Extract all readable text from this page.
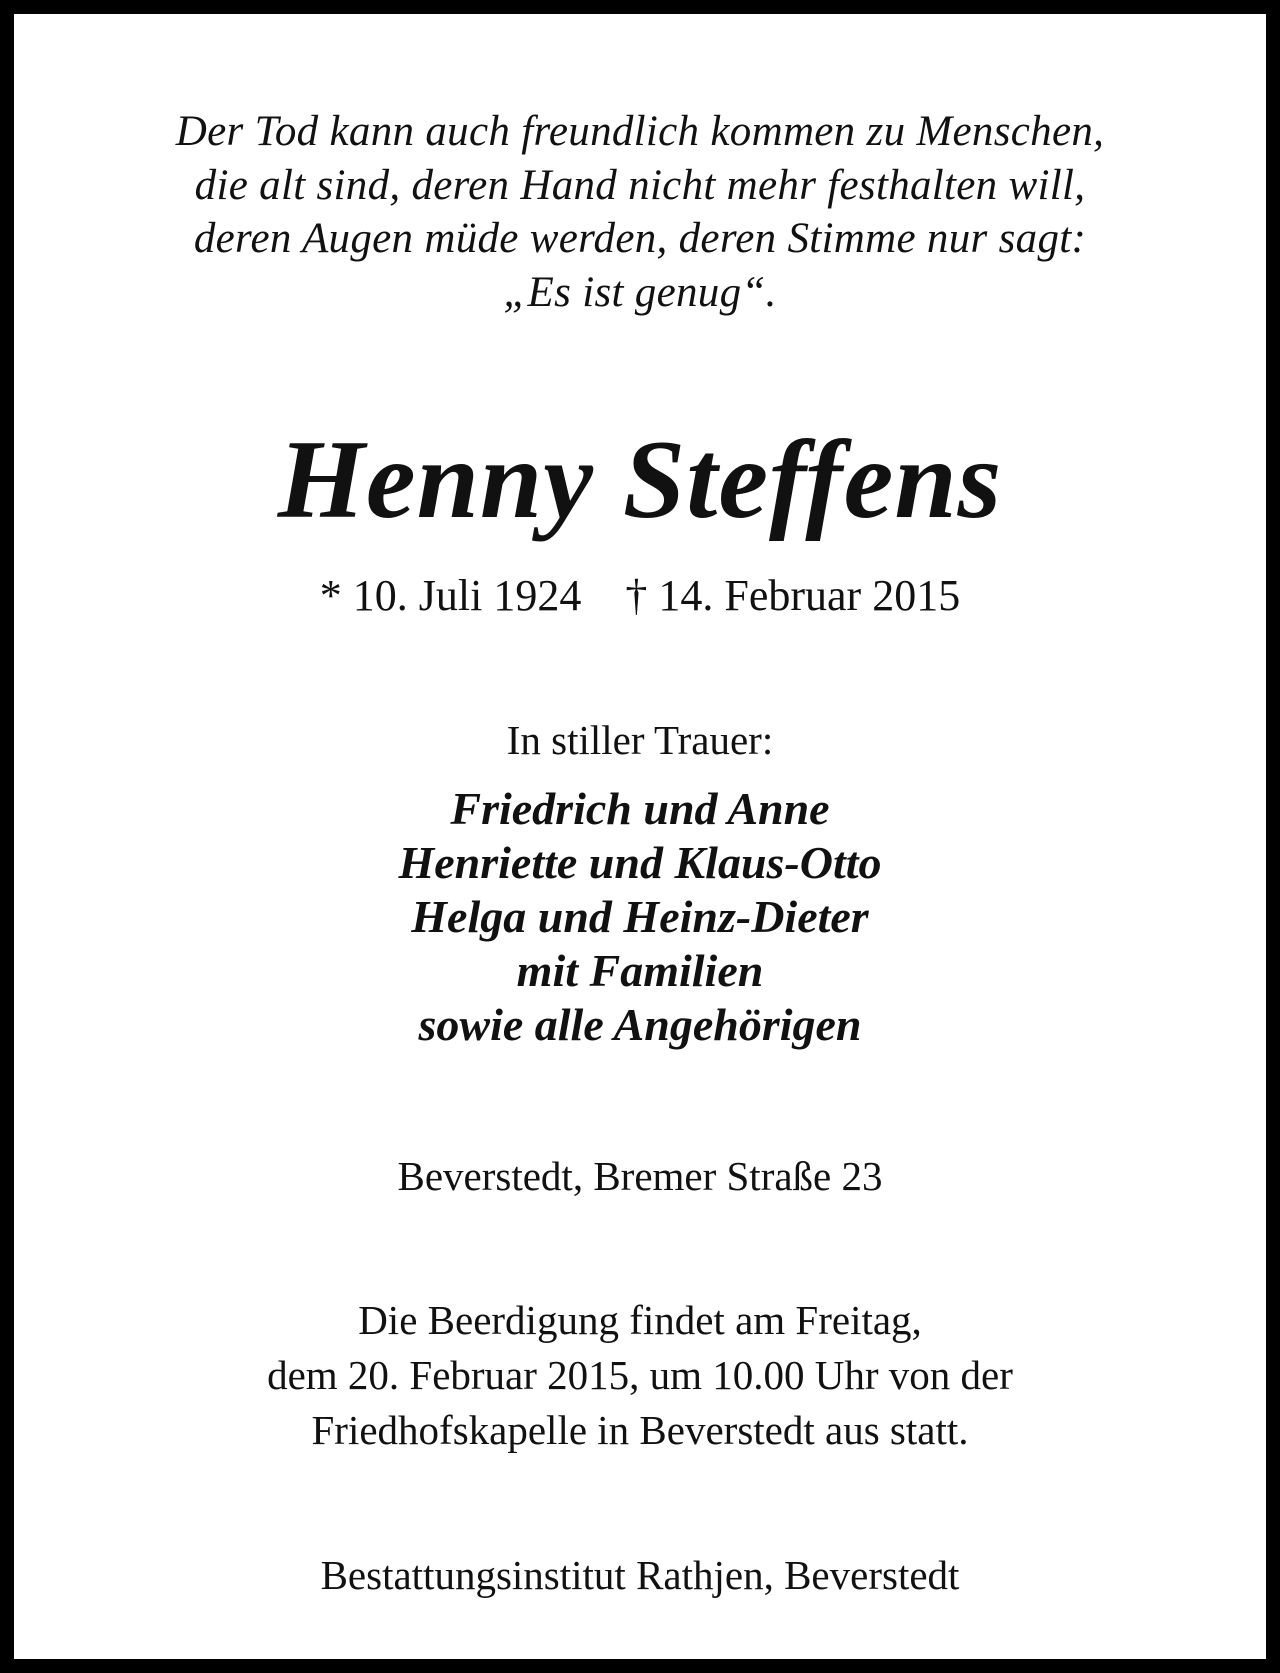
Der Tod kann auch freundlich kommen zu Menschen,
die alt sind, deren Hand nicht mehr festhalten will,
deren Augen müde werden, deren Stimme nur sagt:
„Es ist genug“.
Henny Steffens
* 10. Juli 1924 † 14. Februar 2015
In stiller Trauer:
Friedrich und Anne
Henriette und Klaus-Otto
Helga und Heinz-Dieter
mit Familien
sowie alle Angehörigen
Beverstedt, Bremer Straße 23
Die Beerdigung findet am Freitag,
dem 20. Februar 2015, um 10.00 Uhr von der
Friedhofskapelle in Beverstedt aus statt.
Bestattungsinstitut Rathjen, Beverstedt
